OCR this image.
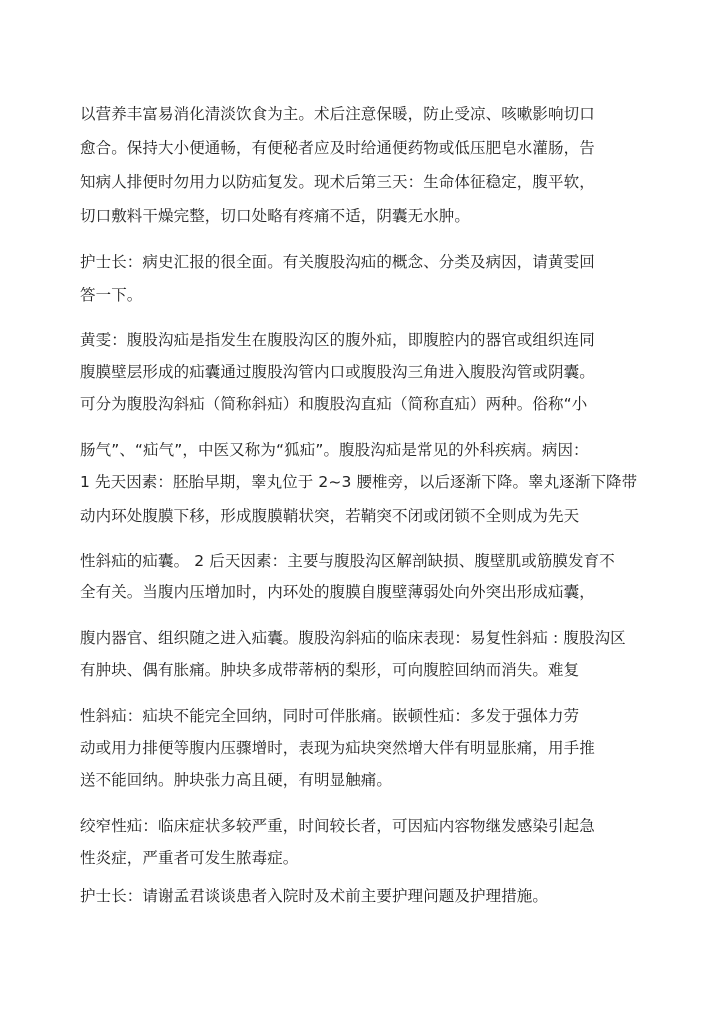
以营养丰富易消化清淡饮食为主。术后注意保暖，防止受凉、咳嗽影响切口
愈合。保持大小便通畅，有便秘者应及时给通便药物或低压肥皂水灌肠，告
知病人排便时勿用力以防疝复发。现术后第三天：生命体征稳定，腹平软，
切口敷料干燥完整，切口处略有疼痛不适，阴囊无水肿。
护士长：病史汇报的很全面。有关腹股沟疝的概念、分类及病因，请黄雯回
答一下。
黄雯：腹股沟疝是指发生在腹股沟区的腹外疝，即腹腔内的器官或组织连同
腹膜壁层形成的疝囊通过腹股沟管内口或腹股沟三角进入腹股沟管或阴囊。
可分为腹股沟斜疝（简称斜疝）和腹股沟直疝（简称直疝）两种。俗称“小
肠气”、“疝气”，中医又称为“狐疝”。腹股沟疝是常见的外科疾病。病因：
1 先天因素：胚胎早期，睾丸位于 2~3 腰椎旁，以后逐渐下降。睾丸逐渐下降带
动内环处腹膜下移，形成腹膜鞘状突，若鞘突不闭或闭锁不全则成为先天
性斜疝的疝囊。 2 后天因素：主要与腹股沟区解剖缺损、腹壁肌或筋膜发育不
全有关。当腹内压增加时，内环处的腹膜自腹壁薄弱处向外突出形成疝囊，
腹内器官、组织随之进入疝囊。腹股沟斜疝的临床表现：易复性斜疝 : 腹股沟区
有肿块、偶有胀痛。肿块多成带蒂柄的梨形，可向腹腔回纳而消失。难复
性斜疝：疝块不能完全回纳，同时可伴胀痛。嵌顿性疝：多发于强体力劳
动或用力排便等腹内压骤增时，表现为疝块突然增大伴有明显胀痛，用手推
送不能回纳。肿块张力高且硬，有明显触痛。
绞窄性疝：临床症状多较严重，时间较长者，可因疝内容物继发感染引起急
性炎症，严重者可发生脓毒症。
护士长：请谢孟君谈谈患者入院时及术前主要护理问题及护理措施。
